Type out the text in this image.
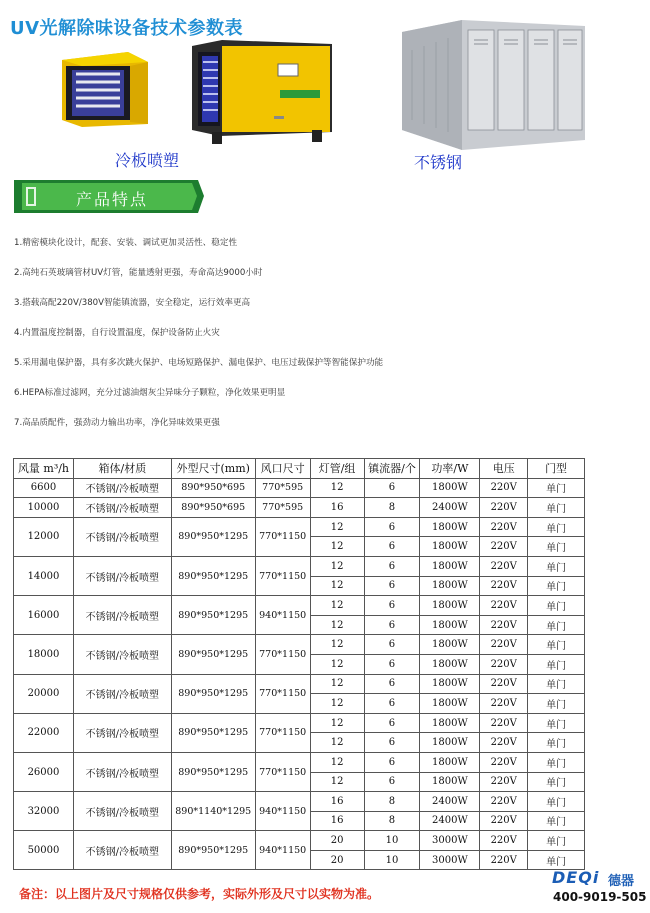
UV光解除味设备技术参数表
冷板喷塑	不锈钢
产品特点
1.精密模块化设计，配套、安装、调试更加灵活性、稳定性
2.高纯石英玻璃管材UV灯管，能量透射更强，寿命高达9000小时
3.搭载高配220V/380V智能镇流器，安全稳定，运行效率更高
4.内置温度控制器，自行设置温度，保护设备防止火灾
5.采用漏电保护器，具有多次跳火保护、电场短路保护、漏电保护、电压过载保护等智能保护功能
6.HEPA标准过滤网，充分过滤油烟灰尘异味分子颗粒，净化效果更明显
7.高品质配件，强劲动力输出功率，净化异味效果更强
风量 m³/h	箱体/材质	外型尺寸(mm)	风口尺寸	灯管/组	镇流器/个	功率/W	电压	门型
6600	不锈钢/冷板喷塑	890*950*695	770*595	12	6	1800W	220V	单门
10000	不锈钢/冷板喷塑	890*950*695	770*595	16	8	2400W	220V	单门
12000	不锈钢/冷板喷塑	890*950*1295	770*1150	12	6	1800W	220V	单门
				12	6	1800W	220V	单门
14000	不锈钢/冷板喷塑	890*950*1295	770*1150	12	6	1800W	220V	单门
				12	6	1800W	220V	单门
16000	不锈钢/冷板喷塑	890*950*1295	940*1150	12	6	1800W	220V	单门
				12	6	1800W	220V	单门
18000	不锈钢/冷板喷塑	890*950*1295	770*1150	12	6	1800W	220V	单门
				12	6	1800W	220V	单门
20000	不锈钢/冷板喷塑	890*950*1295	770*1150	12	6	1800W	220V	单门
				12	6	1800W	220V	单门
22000	不锈钢/冷板喷塑	890*950*1295	770*1150	12	6	1800W	220V	单门
				12	6	1800W	220V	单门
26000	不锈钢/冷板喷塑	890*950*1295	770*1150	12	6	1800W	220V	单门
				12	6	1800W	220V	单门
32000	不锈钢/冷板喷塑	890*1140*1295	940*1150	16	8	2400W	220V	单门
				16	8	2400W	220V	单门
50000	不锈钢/冷板喷塑	890*950*1295	940*1150	20	10	3000W	220V	单门
				20	10	3000W	220V	单门
备注：以上图片及尺寸规格仅供参考，实际外形及尺寸以实物为准。
DEQi 德器
400-9019-505
